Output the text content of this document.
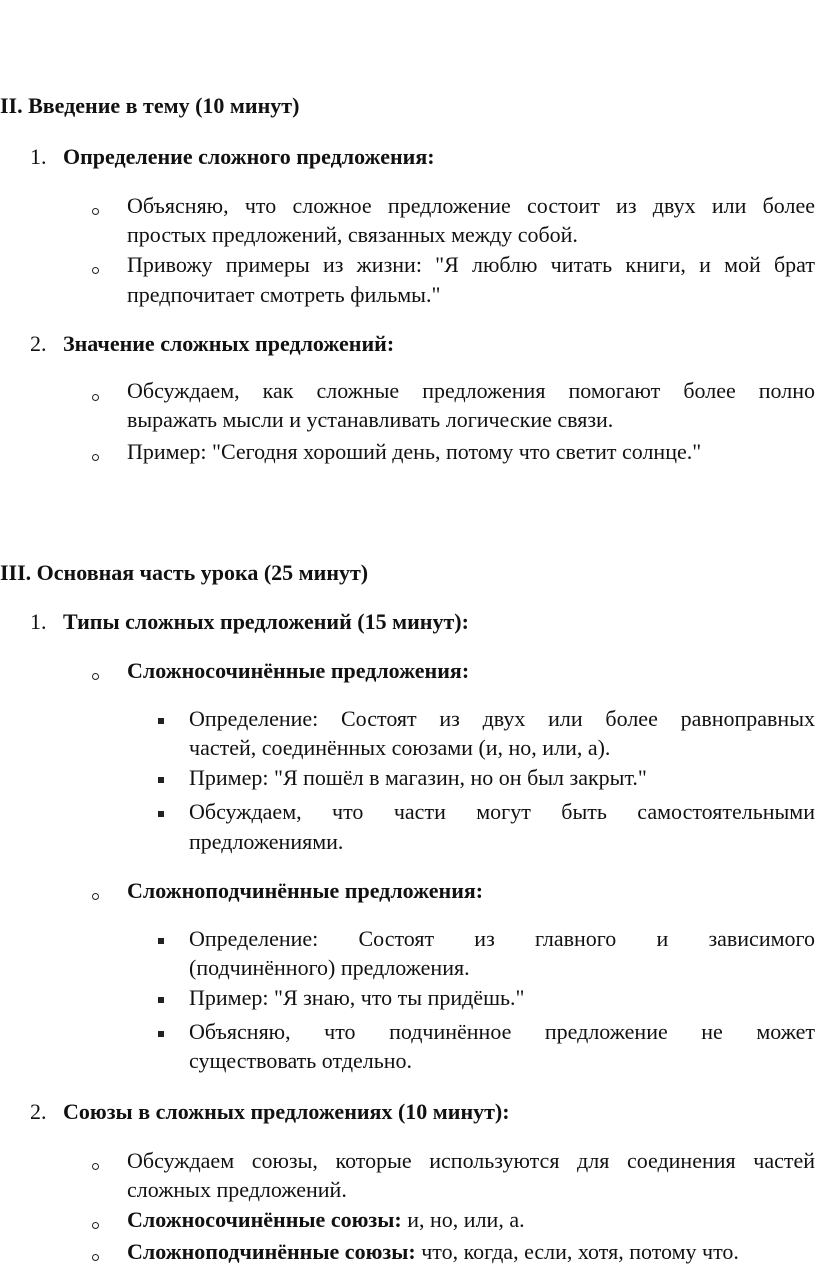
II. Введение в тему (10 минут)
1. Определение сложного предложения:
Объясняю, что сложное предложение состоит из двух или более
простых предложений, связанных между собой.
Привожу примеры из жизни: "Я люблю читать книги, и мой брат
предпочитает смотреть фильмы."
2. Значение сложных предложений:
Обсуждаем, как сложные предложения помогают более полно
выражать мысли и устанавливать логические связи.
Пример: "Сегодня хороший день, потому что светит солнце."
III. Основная часть урока (25 минут)
1. Типы сложных предложений (15 минут):
Сложносочинённые предложения:
Определение: Состоят из двух или более равноправных
частей, соединённых союзами (и, но, или, а).
Пример: "Я пошёл в магазин, но он был закрыт."
Обсуждаем, что части могут быть самостоятельными
предложениями.
Сложноподчинённые предложения:
Определение: Состоят из главного и зависимого
(подчинённого) предложения.
Пример: "Я знаю, что ты придёшь."
Объясняю, что подчинённое предложение не может
существовать отдельно.
2. Союзы в сложных предложениях (10 минут):
Обсуждаем союзы, которые используются для соединения частей
сложных предложений.
Сложносочинённые союзы: и, но, или, а.
Сложноподчинённые союзы: что, когда, если, хотя, потому что.
